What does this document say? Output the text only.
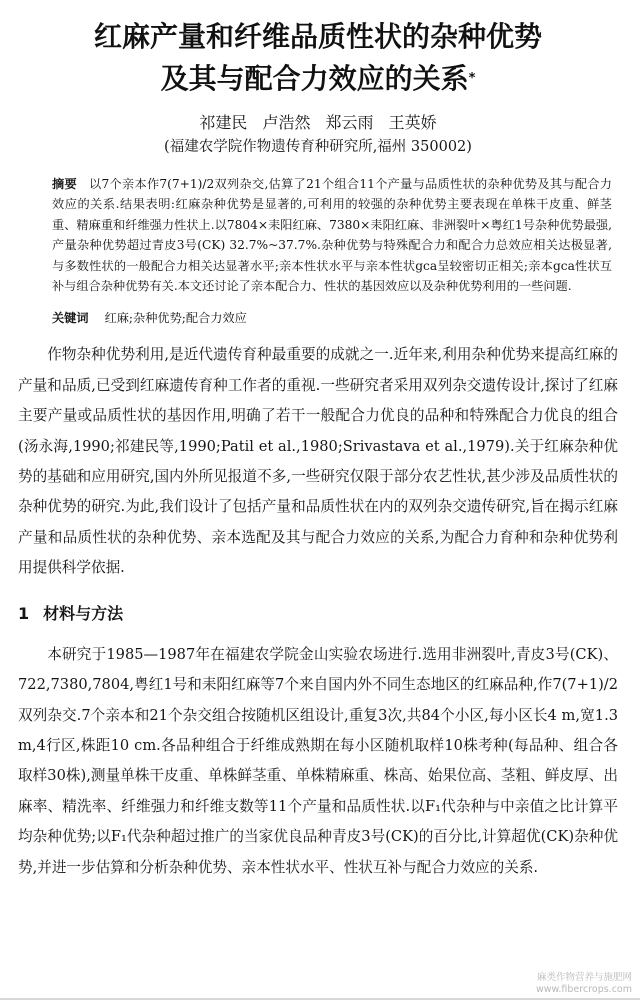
红麻产量和纤维品质性状的杂种优势
及其与配合力效应的关系*
祁建民 卢浩然 郑云雨 王英娇
(福建农学院作物遗传育种研究所,福州 350002)
摘要 以7个亲本作7(7+1)/2双列杂交,估算了21个组合11个产量与品质性状的杂种优势及其与配合力效应的关系.结果表明:红麻杂种优势是显著的,可利用的较强的杂种优势主要表现在单株干皮重、鲜茎重、精麻重和纤维强力性状上.以7804×耒阳红麻、7380×耒阳红麻、非洲裂叶×粤红1号杂种优势最强,产量杂种优势超过青皮3号(CK) 32.7%~37.7%.杂种优势与特殊配合力和配合力总效应相关达极显著,与多数性状的一般配合力相关达显著水平;亲本性状水平与亲本性状gca呈较密切正相关;亲本gca性状互补与组合杂种优势有关.本文还讨论了亲本配合力、性状的基因效应以及杂种优势利用的一些问题.
关键词 红麻;杂种优势;配合力效应

作物杂种优势利用,是近代遗传育种最重要的成就之一.近年来,利用杂种优势来提高红麻的产量和品质,已受到红麻遗传育种工作者的重视.一些研究者采用双列杂交遗传设计,探讨了红麻主要产量或品质性状的基因作用,明确了若干一般配合力优良的品种和特殊配合力优良的组合(汤永海,1990;祁建民等,1990;Patil et al.,1980;Srivastava et al.,1979).关于红麻杂种优势的基础和应用研究,国内外所见报道不多,一些研究仅限于部分农艺性状,甚少涉及品质性状的杂种优势的研究.为此,我们设计了包括产量和品质性状在内的双列杂交遗传研究,旨在揭示红麻产量和品质性状的杂种优势、亲本选配及其与配合力效应的关系,为配合力育种和杂种优势利用提供科学依据.

1 材料与方法

本研究于1985—1987年在福建农学院金山实验农场进行.选用非洲裂叶,青皮3号(CK)、722,7380,7804,粤红1号和耒阳红麻等7个来自国内外不同生态地区的红麻品种,作7(7+1)/2双列杂交.7个亲本和21个杂交组合按随机区组设计,重复3次,共84个小区,每小区长4 m,宽1.3 m,4行区,株距10 cm.各品种组合于纤维成熟期在每小区随机取样10株考种(每品种、组合各取样30株),测量单株干皮重、单株鲜茎重、单株精麻重、株高、始果位高、茎粗、鲜皮厚、出麻率、精洗率、纤维强力和纤维支数等11个产量和品质性状.以F₁代杂种与中亲值之比计算平均杂种优势;以F₁代杂种超过推广的当家优良品种青皮3号(CK)的百分比,计算超优(CK)杂种优势,并进一步估算和分析杂种优势、亲本性状水平、性状互补与配合力效应的关系.

麻类作物营养与施肥网
www.fibercrops.com
